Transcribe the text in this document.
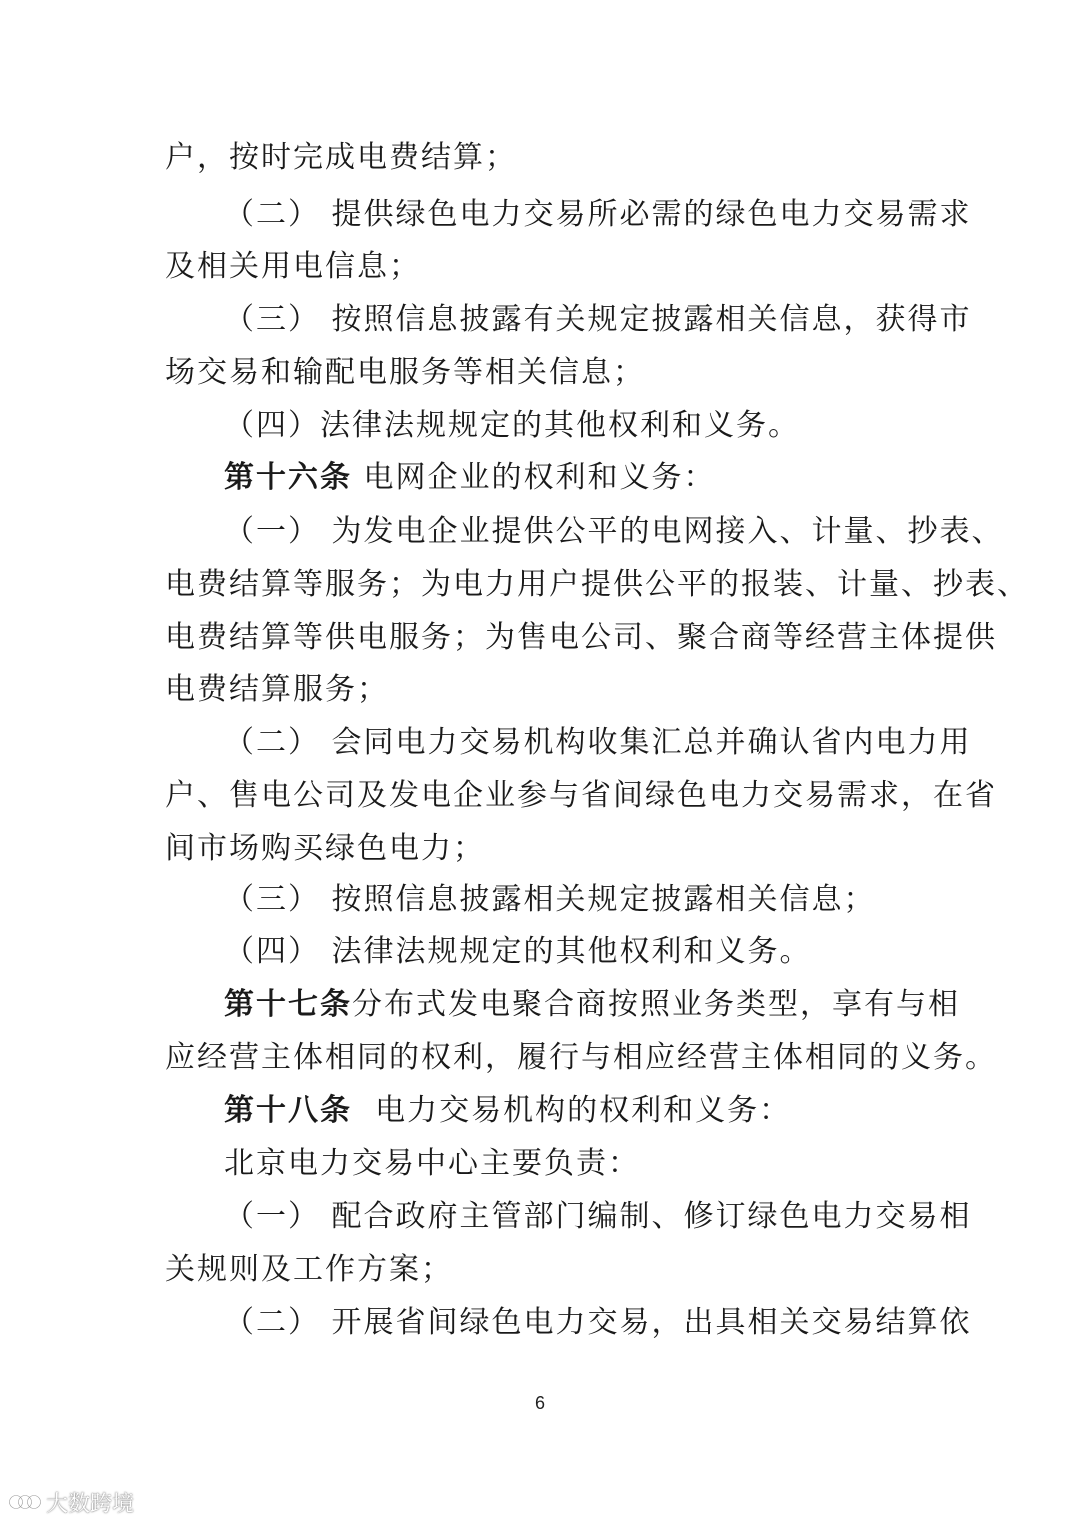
户，按时完成电费结算；
（二） 提供绿色电力交易所必需的绿色电力交易需求
及相关用电信息；
（三） 按照信息披露有关规定披露相关信息，获得市
场交易和输配电服务等相关信息；
（四）法律法规规定的其他权利和义务。
第十六条 电网企业的权利和义务：
（一） 为发电企业提供公平的电网接入、计量、抄表、
电费结算等服务；为电力用户提供公平的报装、计量、抄表、
电费结算等供电服务；为售电公司、聚合商等经营主体提供
电费结算服务；
（二） 会同电力交易机构收集汇总并确认省内电力用
户、售电公司及发电企业参与省间绿色电力交易需求，在省
间市场购买绿色电力；
（三） 按照信息披露相关规定披露相关信息；
（四） 法律法规规定的其他权利和义务。
第十七条分布式发电聚合商按照业务类型，享有与相
应经营主体相同的权利，履行与相应经营主体相同的义务。
第十八条 电力交易机构的权利和义务：
北京电力交易中心主要负责：
（一） 配合政府主管部门编制、修订绿色电力交易相
关规则及工作方案；
（二） 开展省间绿色电力交易，出具相关交易结算依
6
大数跨境
